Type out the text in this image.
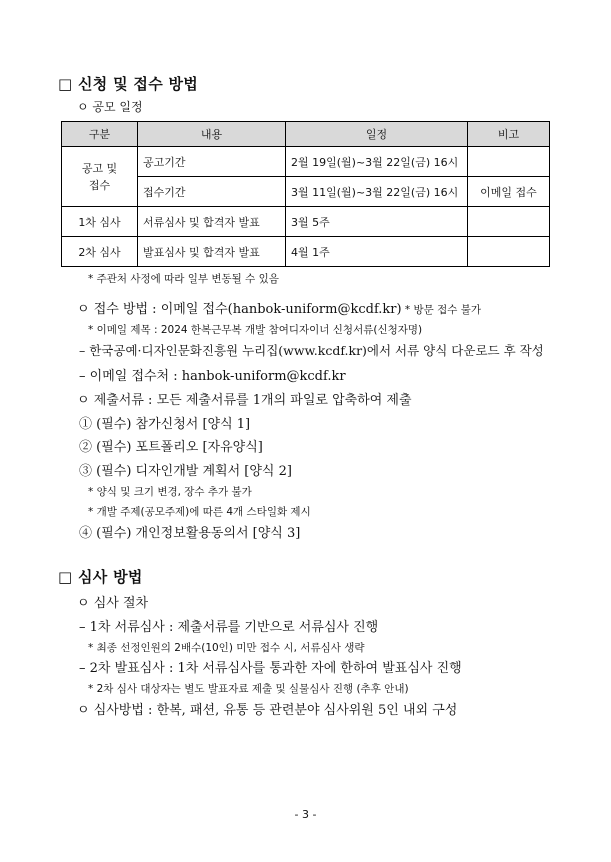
□ 신청 및 접수 방법
ㅇ 공모 일정
구분	내용	일정	비고
공고 및
접수	공고기간	2월 19일(월)~3월 22일(금) 16시	
	접수기간	3월 11일(월)~3월 22일(금) 16시	이메일 접수
1차 심사	서류심사 및 합격자 발표	3월 5주	
2차 심사	발표심사 및 합격자 발표	4월 1주	
* 주관처 사정에 따라 일부 변동될 수 있음
ㅇ 접수 방법 : 이메일 접수(hanbok-uniform@kcdf.kr) * 방문 접수 불가
* 이메일 제목 : 2024 한복근무복 개발 참여디자이너 신청서류(신청자명)
– 한국공예·디자인문화진흥원 누리집(www.kcdf.kr)에서 서류 양식 다운로드 후 작성
– 이메일 접수처 : hanbok-uniform@kcdf.kr
ㅇ 제출서류 : 모든 제출서류를 1개의 파일로 압축하여 제출
① (필수) 참가신청서 [양식 1]
② (필수) 포트폴리오 [자유양식]
③ (필수) 디자인개발 계획서 [양식 2]
* 양식 및 크기 변경, 장수 추가 불가
* 개발 주제(공모주제)에 따른 4개 스타일화 제시
④ (필수) 개인정보활용동의서 [양식 3]
□ 심사 방법
ㅇ 심사 절차
– 1차 서류심사 : 제출서류를 기반으로 서류심사 진행
* 최종 선정인원의 2배수(10인) 미만 접수 시, 서류심사 생략
– 2차 발표심사 : 1차 서류심사를 통과한 자에 한하여 발표심사 진행
* 2차 심사 대상자는 별도 발표자료 제출 및 실물심사 진행 (추후 안내)
ㅇ 심사방법 : 한복, 패션, 유통 등 관련분야 심사위원 5인 내외 구성
- 3 -
